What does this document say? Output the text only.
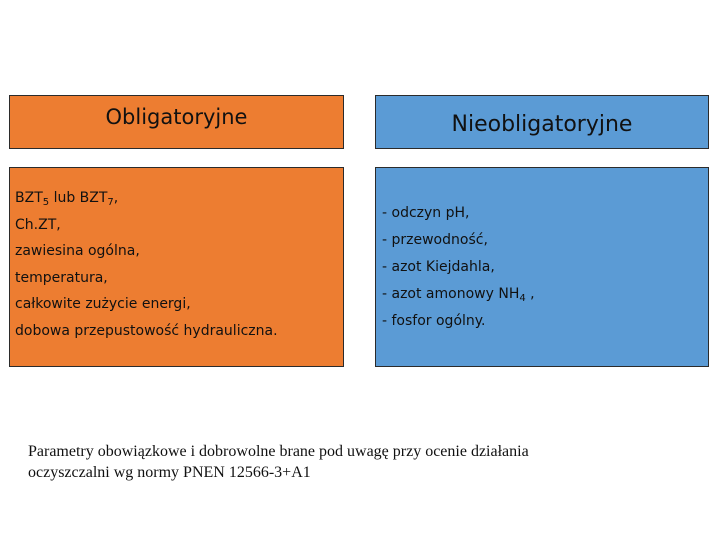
Obligatoryjne	Nieobligatoryjne
$BZT_5$ lub $BZT_7$,
Ch.ZT,
zawiesina ogólna,
temperatura,
całkowite zużycie energi,
dobowa przepustowość hydrauliczna.
- odczyn pH,
- przewodność,
- azot Kiejdahla,
- azot amonowy $NH_4$ ,
- fosfor ogólny.
Parametry obowiązkowe i dobrowolne brane pod uwagę przy ocenie działania
oczyszczalni wg normy PNEN 12566-3+A1
